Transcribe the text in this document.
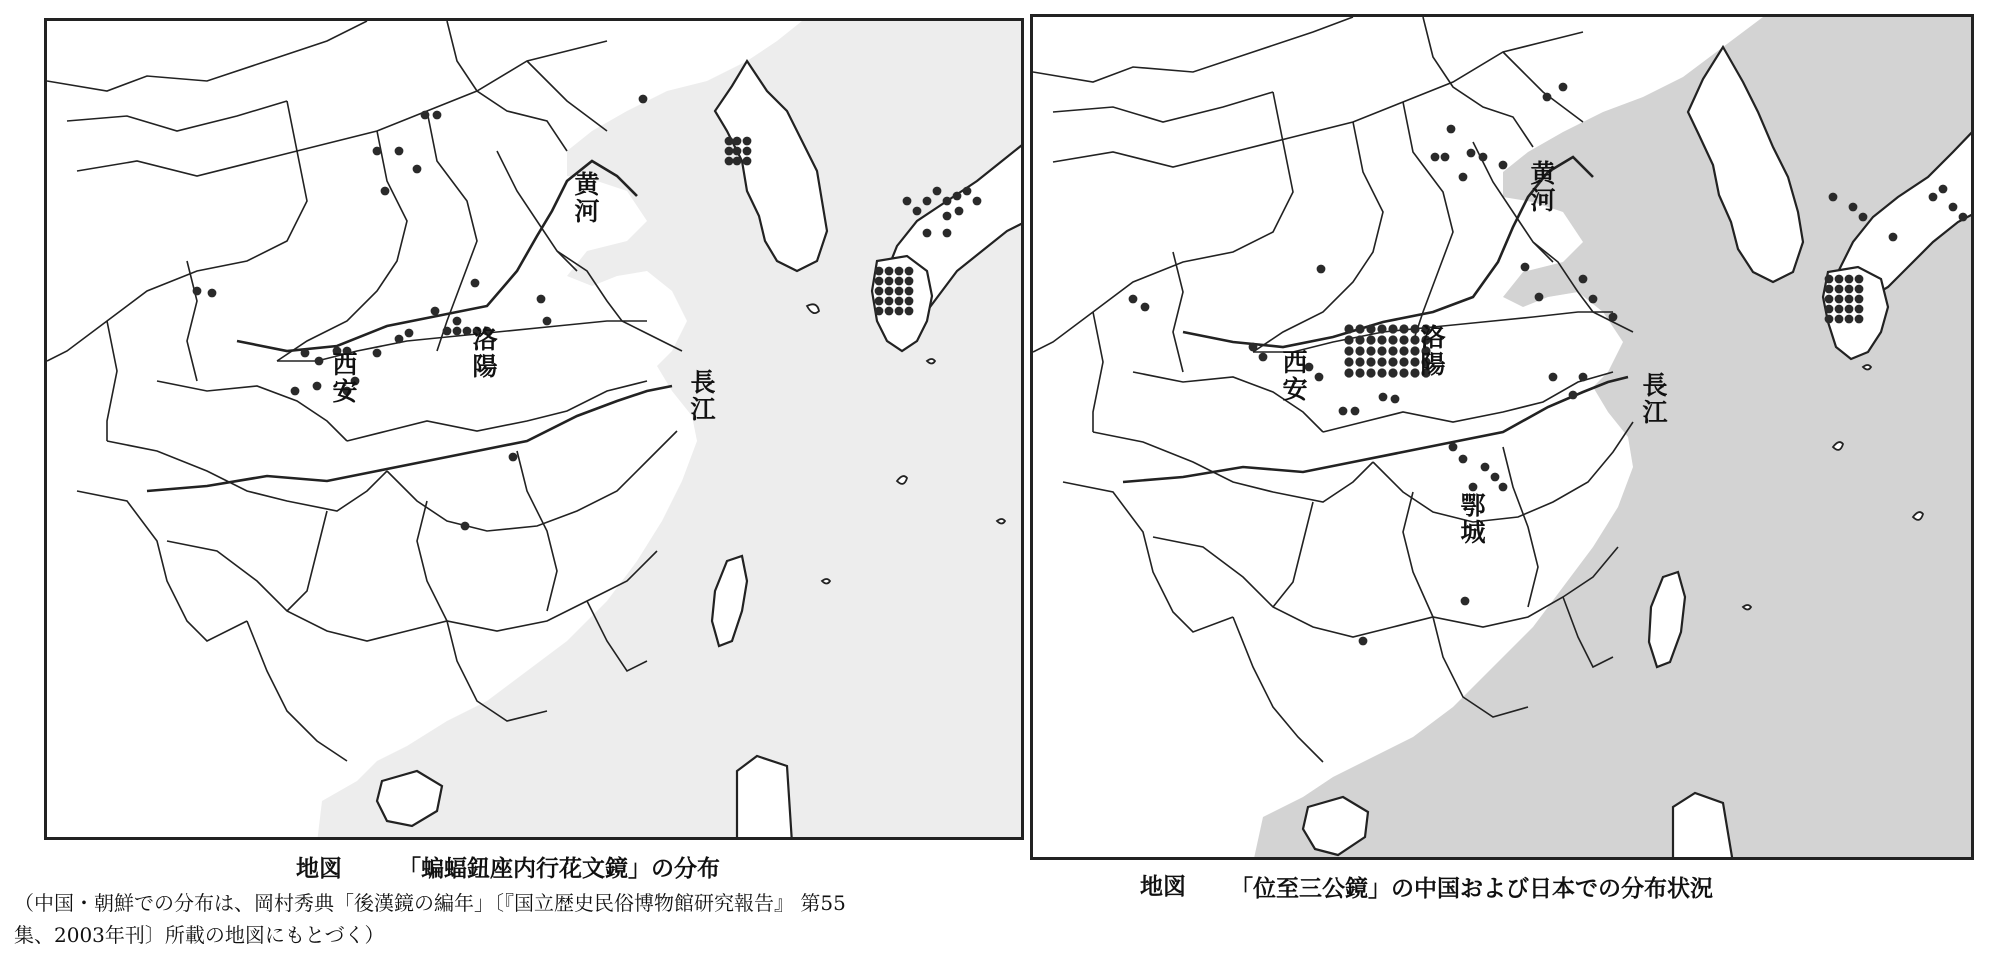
黄
河
洛
陽
西
安	長
江
黄
河
洛
陽
西
安	長
江
鄂
城
地図 「蝙蝠鈕座内行花文鏡」の分布
（中国・朝鮮での分布は、岡村秀典「後漢鏡の編年」〔『国立歴史民俗博物館研究報告』 第55
集、2003年刊〕所載の地図にもとづく）
地図 「位至三公鏡」の中国および日本での分布状況
